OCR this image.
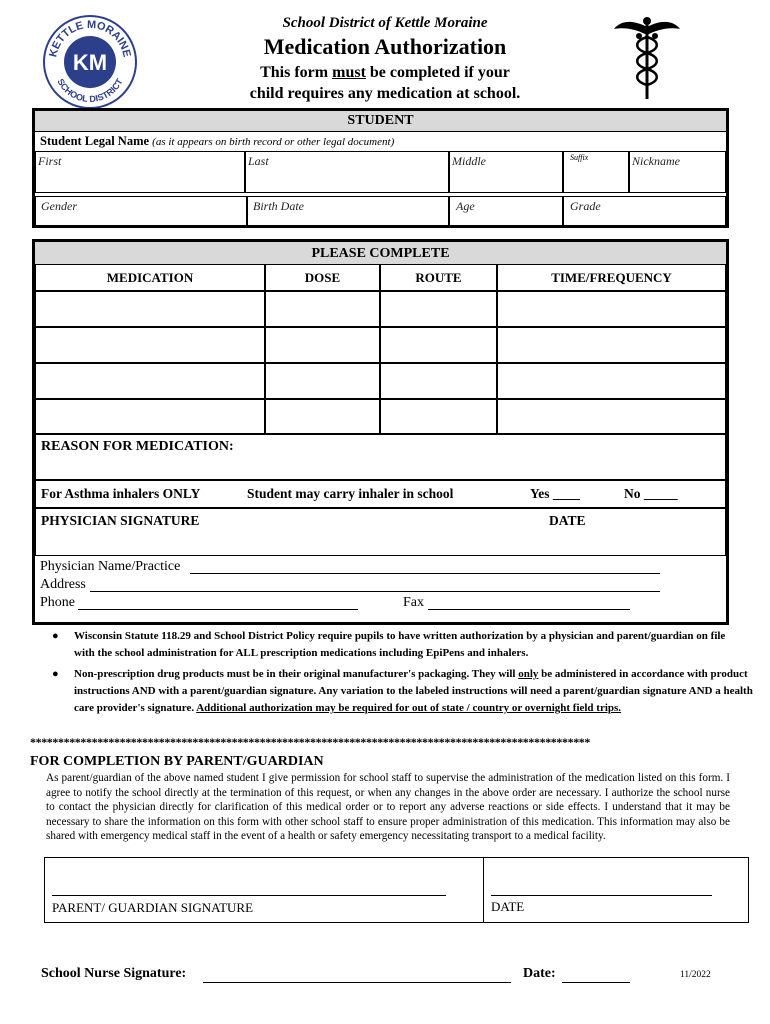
KETTLE MORAINE
SCHOOL DISTRICT
KM
School District of Kettle Moraine
Medication Authorization
This form must be completed if your
child requires any medication at school.
STUDENT
Student Legal Name (as it appears on birth record or other legal document)
First	Last	Middle	Suffix	Nickname
Gender	Birth Date	Age	Grade
PLEASE COMPLETE
MEDICATION	DOSE	ROUTE	TIME/FREQUENCY
REASON FOR MEDICATION:
For Asthma inhalers ONLY	Student may carry inhaler in school	Yes ____	No _____
PHYSICIAN SIGNATURE	DATE
Physician Name/Practice
Address
Phone	Fax
● Wisconsin Statute 118.29 and School District Policy require pupils to have written authorization by a physician and parent/guardian on file with the school administration for ALL prescription medications including EpiPens and inhalers.
● Non-prescription drug products must be in their original manufacturer's packaging. They will only be administered in accordance with product instructions AND with a parent/guardian signature. Any variation to the labeled instructions will need a parent/guardian signature AND a health care provider's signature. Additional authorization may be required for out of state / country or overnight field trips.
****************************************************************************************************
FOR COMPLETION BY PARENT/GUARDIAN
As parent/guardian of the above named student I give permission for school staff to supervise the administration of the medication listed on this form. I agree to notify the school directly at the termination of this request, or when any changes in the above order are necessary. I authorize the school nurse to contact the physician directly for clarification of this medical order or to report any adverse reactions or side effects. I understand that it may be necessary to share the information on this form with other school staff to ensure proper administration of this medication. This information may also be shared with emergency medical staff in the event of a health or safety emergency necessitating transport to a medical facility.
PARENT/ GUARDIAN SIGNATURE	DATE
School Nurse Signature:	Date:	11/2022
